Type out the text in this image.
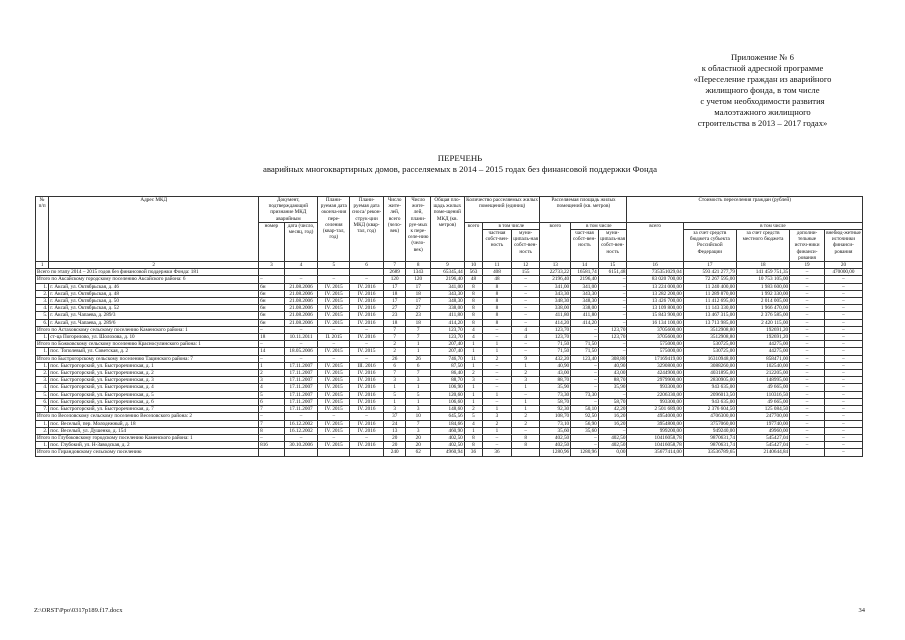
Приложение № 6
к областной адресной программе
«Переселение граждан из аварийного
жилищного фонда, в том числе
с учетом необходимости развития
малоэтажного жилищного
строительства в 2013 – 2017 годах»
ПЕРЕЧЕНЬ
аварийных многоквартирных домов, расселяемых в 2014 – 2015 годах без финансовой поддержки Фонда
№ п/п	Адрес МКД	Документ, подтверждающий признание МКД аварийным		Плани-руемая дата оконча-ния пере-селения (квар-тал, год)	Плани-руемая дата сноса/ рекон-струк-ции МКД (квар-тал, год)	Число жите-лей, всего (чело-век)	Число жите-лей, плани-руе-мых к пере-селе-нию (чело-век)	Общая пло-щадь жилых поме-щений МКД (кв. метров)	Количество расселяемых жилых помещений (единиц)			Расселяемая площадь жилых помещений (кв. метров)			Стоимость переселения граждан (рублей)				
		номер	дата (число, месяц, год)						всего	в том числе		всего	в том числе		всего	в том числе			
										частная собст-вен-ность	муни-ципаль-ная собст-вен-ность		част-ная собст-вен-ность	муни-ципаль-ная собст-вен-ность		за счет средств бюджета субъекта Российской Федерации	за счет средств местного бюджета	дополни-тельные источ-ники финанси-рования	внебюд-жетные источники финанси-рования
1	2	3	4	5	6	7	8	9	10	11	12	13	14	15	16	17	18	19	20
Всего по этапу 2014 – 2015 годов без финансовой поддержки Фонда: 181						2689	1343	65345,44	563	408	155	22733,22	16581,74	6151,48	735351029,04	593 421 277,79	141 459 751,35	–	470000,00
Итого по Аксайскому городскому поселению Аксайского района: 6		–	–	–	–	120	120	2196,40	48	48	–	2196,40	2196,40	–	83 020 700,00	72 267 595,00	10 753 105,00	–	–
1.	г. Аксай, ул. Октябрьская, д. 46	6н	21.08.2006	IV. 2015	IV. 2016	17	17	341,00	8	8	–	341,00	341,00	–	13 224 000,00	11 240 400,00	1 983 600,00	–	–
2.	г. Аксай, ул. Октябрьская, д. 48	6н	21.08.2006	IV. 2015	IV. 2016	18	18	343,30	8	8	–	343,30	343,30	–	13 282 200,00	11 289 870,00	1 992 330,00	–	–
3.	г. Аксай, ул. Октябрьская, д. 50	6н	21.08.2006	IV. 2015	IV. 2016	17	17	348,30	8	8	–	348,30	348,30	–	13 426 700,00	11 412 695,00	2 014 005,00	–	–
4.	г. Аксай, ул. Октябрьская, д. 52	6н	21.08.2006	IV. 2015	IV. 2016	27	27	338,00	8	8	–	338,00	338,00	–	13 109 800,00	11 143 330,00	1 966 470,00	–	–
5.	г. Аксай, ул. Чапаева, д. 289/3	6н	21.08.2006	IV. 2015	IV. 2016	23	23	411,80	8	8	–	411,80	411,80	–	15 843 900,00	13 467 315,00	2 376 585,00	–	–
6.	г. Аксай, ул. Чапаева, д. 289/6	6н	21.08.2006	IV. 2015	IV. 2016	18	18	414,20	8	8	–	414,20	414,20	–	16 134 100,00	13 713 985,00	2 420 115,00	–	–
Итого по Астаховскому сельскому поселению Каменского района: 1		–	–	–	–	7	7	123,70	4	–	4	123,70	–	123,70	3705600,00	3512908,80	192691,20	–	–
1.	ст-ца Погорелово, ул. Шолохова, д. 10	18	10.11.2011	II. 2015	IV. 2016	7	7	123,70	4	–	4	123,70	–	123,70	3705600,00	3512908,80	192691,20	–	–
Итого по Божковскому сельскому поселению Красносулинского района: 1		–	–	–	–	2	1	207,40	1	1	–	71,50	71,50	–	575000,00	530725,00	44275,00	–	–
1.	пос. Тополевый, ул. Советская, д. 2	14	18.05.2006	IV. 2015	IV. 2015	2	1	207,40	1	1	–	71,50	71,50	–	575000,00	530725,00	44275,00	–	–
Итого по Быстрогорскому сельскому поселению Тацинского района: 7		–	–	–	–	26	26	746,70	11	2	9	432,20	123,40	308,80	17169419,00	16310948,00	858471,00	–	–
1.	пос. Быстрогорский, ул. Быстроречинская, д. 1	1	17.11.2007	IV. 2015	III. 2016	6	6	87,50	1	–	1	40,90	–	40,90	3290800,00	3088260,00	102540,00	–	–
2.	пос. Быстрогорский, ул. Быстроречинская, д. 2	2	17.11.2007	IV. 2015	IV. 2016	7	7	86,40	2	–	2	43,00	–	43,00	4244900,00	4031895,00	212205,00	–	–
3.	пос. Быстрогорский, ул. Быстроречинская, д. 3	3	17.11.2007	IV. 2015	IV. 2016	3	3	88,70	3	–	3	88,70	–	88,70	2979900,00	2830905,00	148995,00	–	–
4.	пос. Быстрогорский, ул. Быстроречинская, д. 4	4	17.11.2007	IV. 2015	IV. 2016	1	1	106,90	1	–	1	35,90	–	35,90	993300,00	943 635,00	49 665,00	–	–
5.	пос. Быстрогорский, ул. Быстроречинская, д. 5	5	17.11.2007	IV. 2015	IV. 2016	5	5	120,60	1	1	–	73,30	73,30	–	2206330,00	2096013,50	110316,50	–	–
6.	пос. Быстрогорский, ул. Быстроречинская, д. 6	6	17.11.2007	IV. 2015	IV. 2016	1	1	106,60	1	–	1	58,70	–	58,70	993300,00	943 635,00	49 665,00	–	–
7.	пос. Быстрогорский, ул. Быстроречинская, д. 7	7	17.11.2007	IV. 2015	IV. 2016	3	3	148,60	2	1	1	92,30	50,10	42,20	2 501 689,00	2 376 604,50	125 084,50	–	–
Итого по Веселовскому сельскому поселению Веселовского района: 2		–	–	–	–	37	10	645,56	5	3	2	108,70	92,50	16,20	4954000,00	4706300,00	247700,00	–	–
1.	пос. Веселый, пер. Молодежный, д. 18	7	16.12.2002	IV. 2015	IV. 2016	24	7	184,66	4	2	2	73,10	56,90	16,20	3954800,00	3757060,00	197740,00	–	–
2.	пос. Веселый, ул. Душенко, д. 154	8	16.12.2002	IV. 2015	IV. 2016	13	3	460,90	1	1	–	35,60	35,60	–	999200,00	949240,00	49960,00	–	–
Итого по Глубоковскому городскому поселению Каменского района: 1		–	–	–	–	20	20	402,50	8	–	8	402,50	–	402,50	10416058,78	9870631,74	545427,04	–	–
1.	пос. Глубокий, ул. Н-Заводская, д. 2	816	30.10.2006	IV. 2015	IV. 2016	20	20	402,50	8	–	8	402,50	–	402,50	10416058,78	9870631,74	545427,04	–	–
Итого по Гирандовскому сельскому поселению						240	62	4960,94	36	36		1280,96	1280,96	0,00	35677414,00	33536789,65	2140644,84		–
Z:\ORST\Ppo\0317p189.f17.docx	34
